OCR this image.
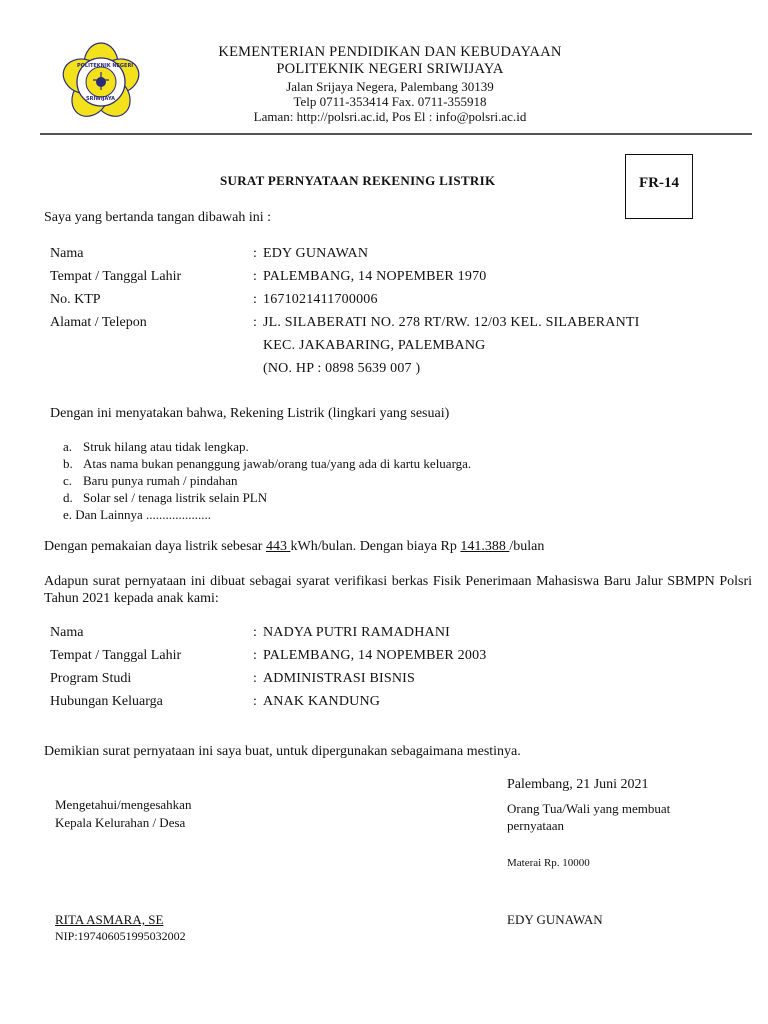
POLITEKNIK NEGERI
SRIWIJAYA
KEMENTERIAN PENDIDIKAN DAN KEBUDAYAAN
POLITEKNIK NEGERI SRIWIJAYA
Jalan Srijaya Negera, Palembang 30139
Telp 0711-353414 Fax. 0711-355918
Laman: http://polsri.ac.id, Pos El : info@polsri.ac.id
SURAT PERNYATAAN REKENING LISTRIK	FR-14
Saya yang bertanda tangan dibawah ini :
Nama	: EDY GUNAWAN
Tempat / Tanggal Lahir	: PALEMBANG, 14 NOPEMBER 1970
No. KTP	: 1671021411700006
Alamat / Telepon	: JL. SILABERATI NO. 278 RT/RW. 12/03 KEL. SILABERANTI
KEC. JAKABARING, PALEMBANG
(NO. HP : 0898 5639 007 )
Dengan ini menyatakan bahwa, Rekening Listrik (lingkari yang sesuai)
a. Struk hilang atau tidak lengkap.
b. Atas nama bukan penanggung jawab/orang tua/yang ada di kartu keluarga.
c. Baru punya rumah / pindahan
d. Solar sel / tenaga listrik selain PLN
e. Dan Lainnya ....................
Dengan pemakaian daya listrik sebesar 443 kWh/bulan. Dengan biaya Rp 141.388 /bulan
Adapun surat pernyataan ini dibuat sebagai syarat verifikasi berkas Fisik Penerimaan Mahasiswa Baru Jalur SBMPN Polsri Tahun 2021 kepada anak kami:
Nama	: NADYA PUTRI RAMADHANI
Tempat / Tanggal Lahir	: PALEMBANG, 14 NOPEMBER 2003
Program Studi	: ADMINISTRASI BISNIS
Hubungan Keluarga	: ANAK KANDUNG
Demikian surat pernyataan ini saya buat, untuk dipergunakan sebagaimana mestinya.
Palembang, 21 Juni 2021
Mengetahui/mengesahkan
Kepala Kelurahan / Desa
Orang Tua/Wali yang membuat
pernyataan
Materai Rp. 10000
RITA ASMARA, SE
NIP:197406051995032002
EDY GUNAWAN
